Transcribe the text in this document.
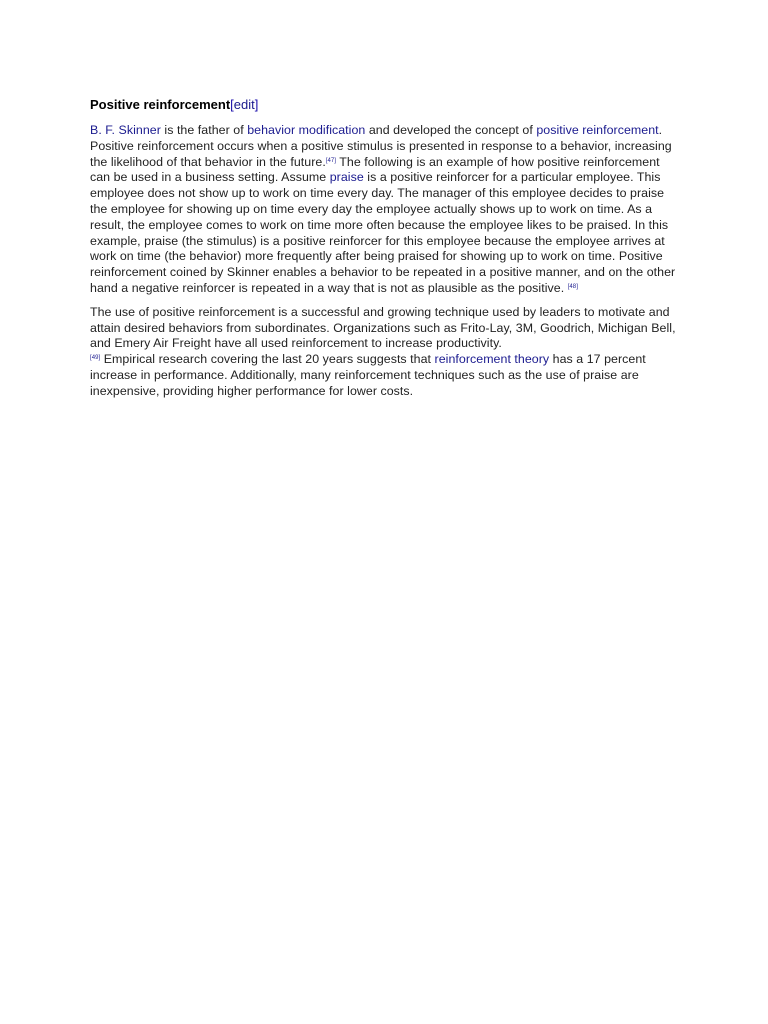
Positive reinforcement[edit]

B. F. Skinner is the father of behavior modification and developed the concept of positive reinforcement. Positive reinforcement occurs when a positive stimulus is presented in response to a behavior, increasing the likelihood of that behavior in the future.[47] The following is an example of how positive reinforcement can be used in a business setting. Assume praise is a positive reinforcer for a particular employee. This employee does not show up to work on time every day. The manager of this employee decides to praise the employee for showing up on time every day the employee actually shows up to work on time. As a result, the employee comes to work on time more often because the employee likes to be praised. In this example, praise (the stimulus) is a positive reinforcer for this employee because the employee arrives at work on time (the behavior) more frequently after being praised for showing up to work on time. Positive reinforcement coined by Skinner enables a behavior to be repeated in a positive manner, and on the other hand a negative reinforcer is repeated in a way that is not as plausible as the positive. [48]

The use of positive reinforcement is a successful and growing technique used by leaders to motivate and attain desired behaviors from subordinates. Organizations such as Frito-Lay, 3M, Goodrich, Michigan Bell, and Emery Air Freight have all used reinforcement to increase productivity.
[49] Empirical research covering the last 20 years suggests that reinforcement theory has a 17 percent increase in performance. Additionally, many reinforcement techniques such as the use of praise are inexpensive, providing higher performance for lower costs.
